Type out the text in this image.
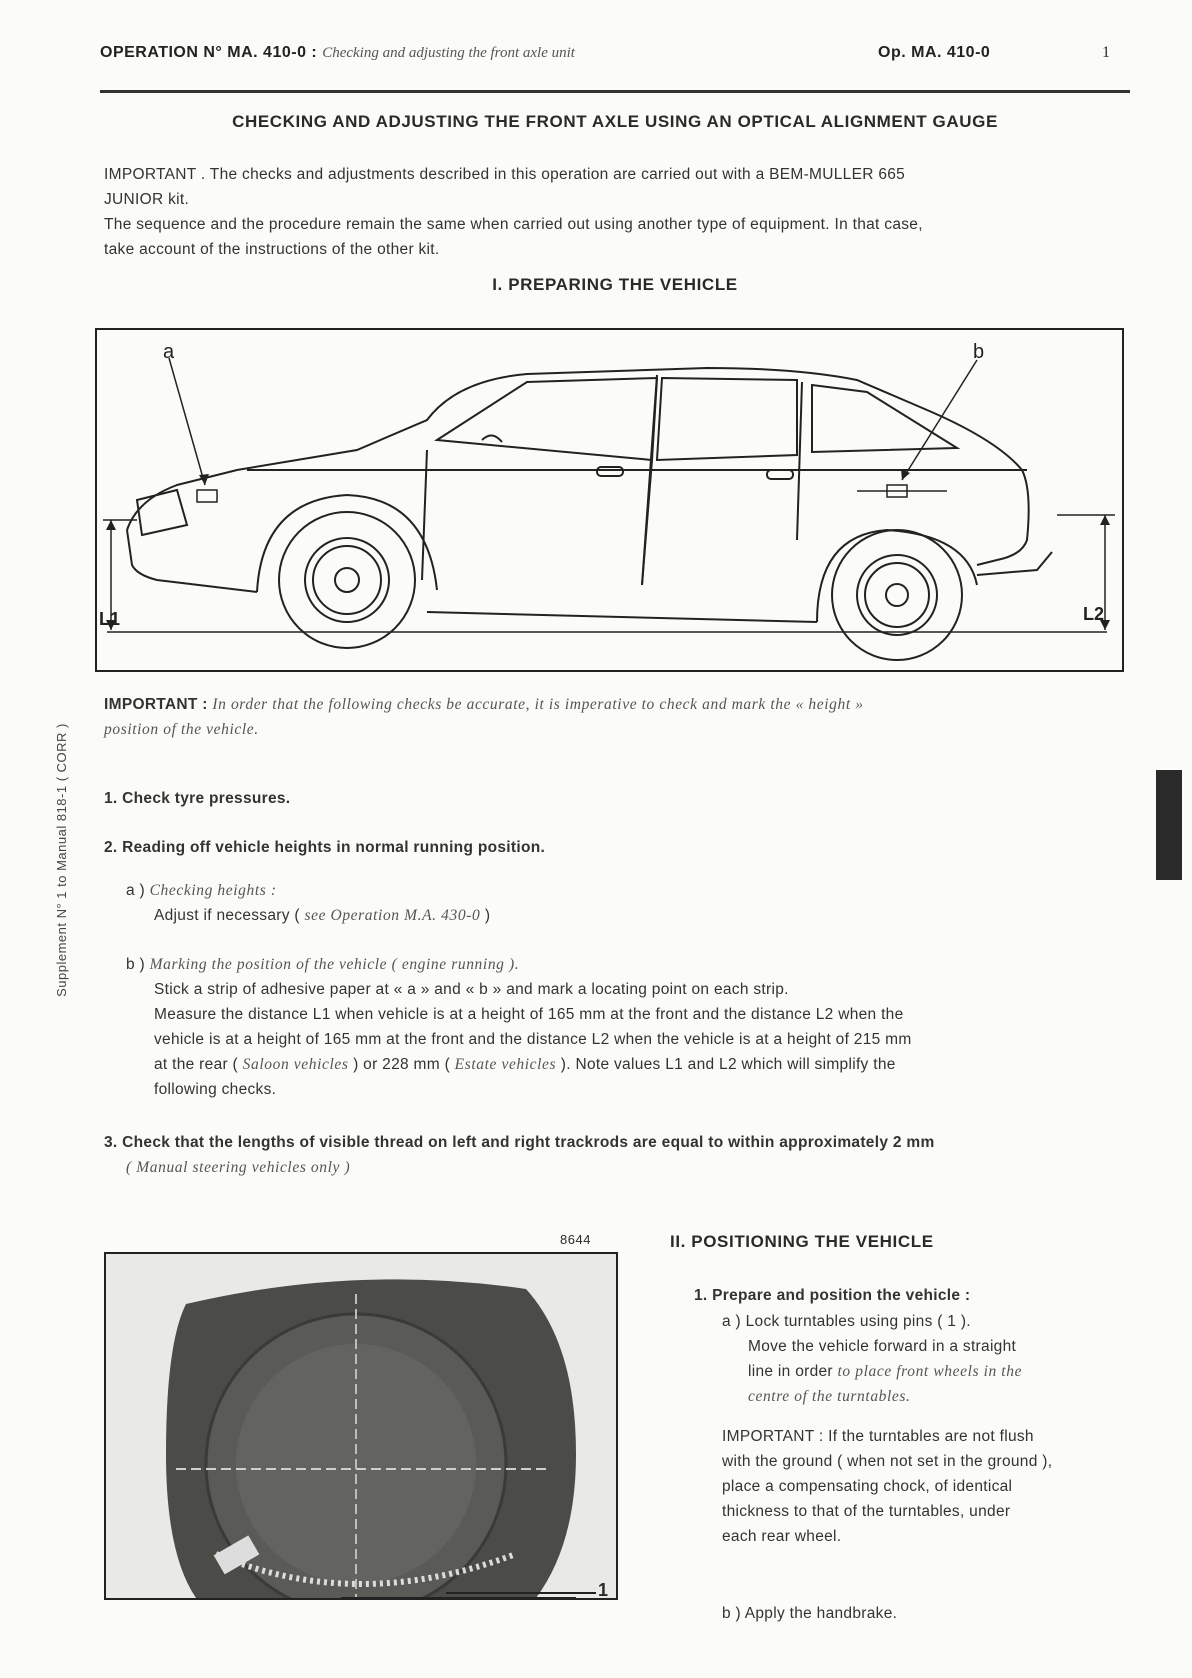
OPERATION N° MA. 410-0 : Checking and adjusting the front axle unit	Op. MA. 410-0	1
CHECKING AND ADJUSTING THE FRONT AXLE USING AN OPTICAL ALIGNMENT GAUGE
IMPORTANT . The checks and adjustments described in this operation are carried out with a BEM-MULLER 665
JUNIOR kit.
The sequence and the procedure remain the same when carried out using another type of equipment. In that case,
take account of the instructions of the other kit.
I. PREPARING THE VEHICLE
a	b
L1	L2
IMPORTANT : In order that the following checks be accurate, it is imperative to check and mark the « height »
position of the vehicle.
1. Check tyre pressures.
2. Reading off vehicle heights in normal running position.
a ) Checking heights :
Adjust if necessary ( see Operation M.A. 430-0 )
b ) Marking the position of the vehicle ( engine running ).
Stick a strip of adhesive paper at « a » and « b » and mark a locating point on each strip.
Measure the distance L1 when vehicle is at a height of 165 mm at the front and the distance L2 when the
vehicle is at a height of 165 mm at the front and the distance L2 when the vehicle is at a height of 215 mm
at the rear ( Saloon vehicles ) or 228 mm ( Estate vehicles ). Note values L1 and L2 which will simplify the
following checks.
3. Check that the lengths of visible thread on left and right trackrods are equal to within approximately 2 mm
( Manual steering vehicles only )
Supplement N° 1 to Manual 818-1 ( CORR )
8644
1
II. POSITIONING THE VEHICLE
1. Prepare and position the vehicle :
a ) Lock turntables using pins ( 1 ).
Move the vehicle forward in a straight
line in order to place front wheels in the
centre of the turntables.
IMPORTANT : If the turntables are not flush
with the ground ( when not set in the ground ),
place a compensating chock, of identical
thickness to that of the turntables, under
each rear wheel.
b ) Apply the handbrake.
